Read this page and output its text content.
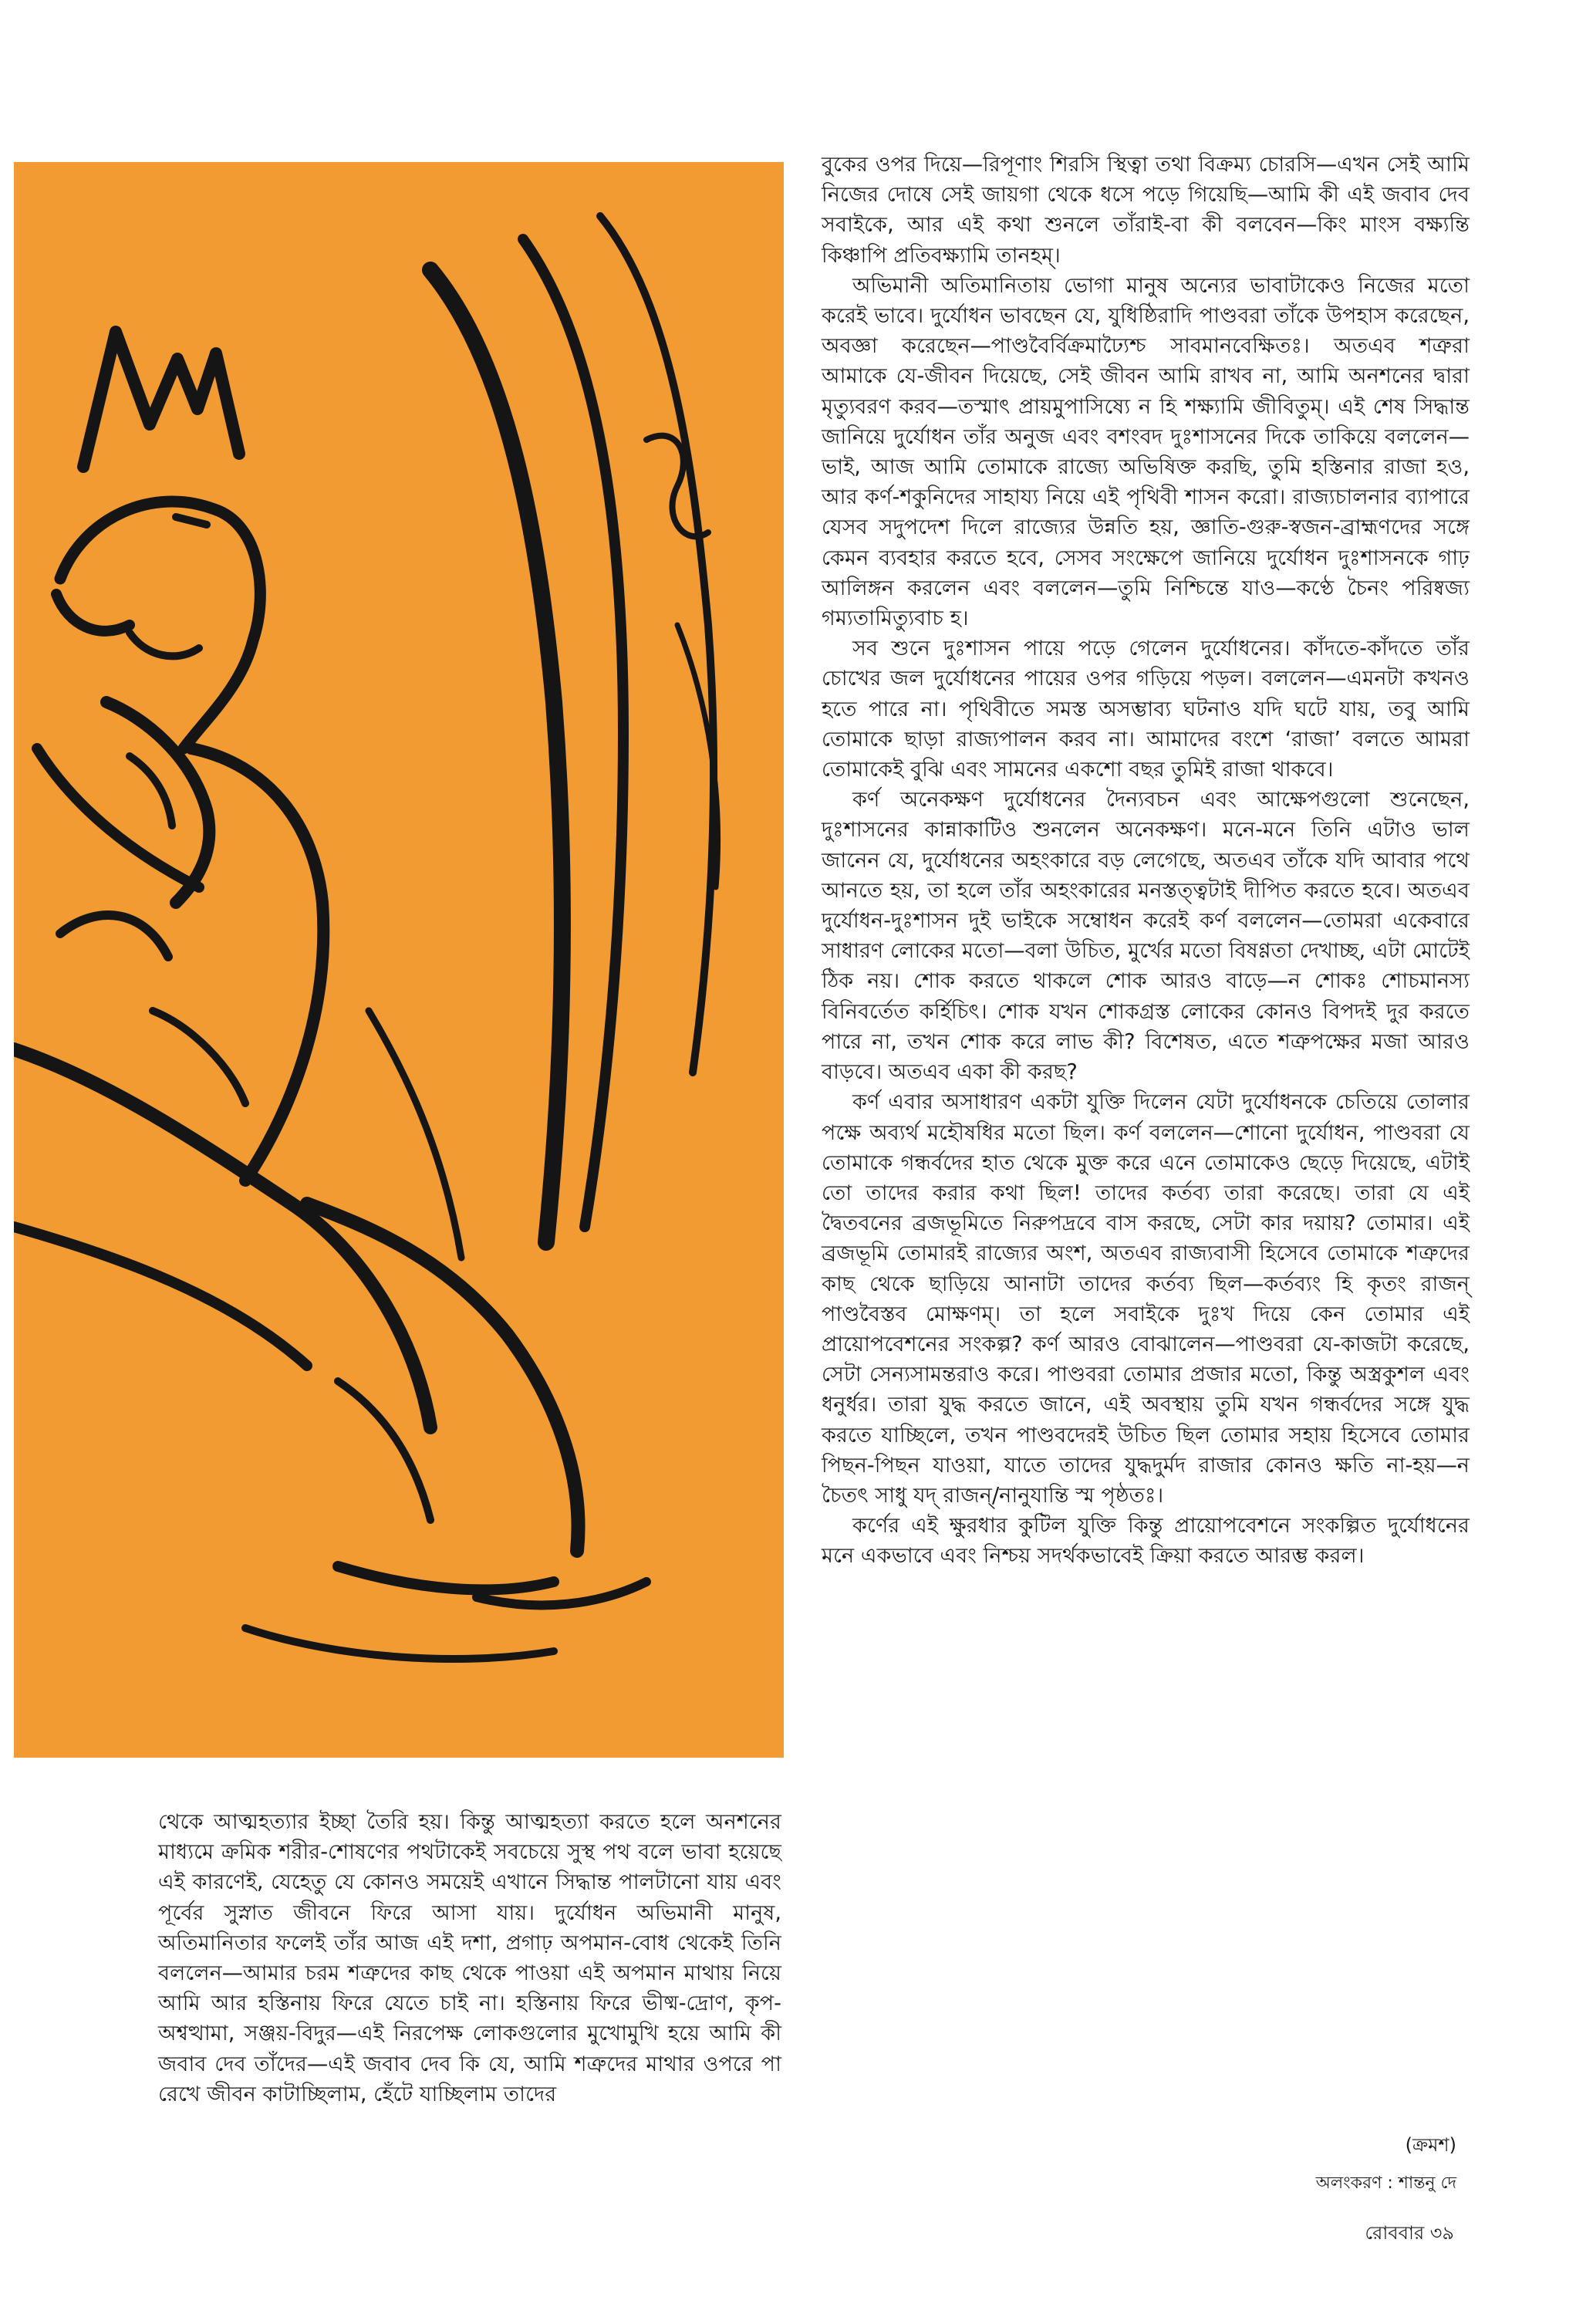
বুকের ওপর দিয়ে—রিপূণাং শিরসি স্থিত্বা তথা বিক্রম্য চোরসি—এখন সেই আমি নিজের দোষে সেই জায়গা থেকে ধসে পড়ে গিয়েছি—আমি কী এই জবাব দেব সবাইকে, আর এই কথা শুনলে তাঁরাই-বা কী বলবেন—কিং মাংস বক্ষ্যন্তি কিঞ্চাপি প্রতিবক্ষ্যামি তানহম্।

অভিমানী অতিমানিতায় ভোগা মানুষ অন্যের ভাবাটাকেও নিজের মতো করেই ভাবে। দুর্যোধন ভাবছেন যে, যুধিষ্ঠিরাদি পাণ্ডবরা তাঁকে উপহাস করেছেন, অবজ্ঞা করেছেন—পাণ্ডবৈর্বিক্রমাঢ্যৈশ্চ সাবমানবেক্ষিতঃ। অতএব শত্রুরা আমাকে যে-জীবন দিয়েছে, সেই জীবন আমি রাখব না, আমি অনশনের দ্বারা মৃত্যুবরণ করব—তস্মাৎ প্রায়মুপাসিষ্যে ন হি শক্ষ্যামি জীবিতুম্। এই শেষ সিদ্ধান্ত জানিয়ে দুর্যোধন তাঁর অনুজ এবং বশংবদ দুঃশাসনের দিকে তাকিয়ে বললেন—ভাই, আজ আমি তোমাকে রাজ্যে অভিষিক্ত করছি, তুমি হস্তিনার রাজা হও, আর কর্ণ-শকুনিদের সাহায্য নিয়ে এই পৃথিবী শাসন করো। রাজ্যচালনার ব্যাপারে যেসব সদুপদেশ দিলে রাজ্যের উন্নতি হয়, জ্ঞাতি-গুরু-স্বজন-ব্রাহ্মণদের সঙ্গে কেমন ব্যবহার করতে হবে, সেসব সংক্ষেপে জানিয়ে দুর্যোধন দুঃশাসনকে গাঢ় আলিঙ্গন করলেন এবং বললেন—তুমি নিশ্চিন্তে যাও—কণ্ঠে চৈনং পরিষ্বজ্য গম্যতামিত্যুবাচ হ।

সব শুনে দুঃশাসন পায়ে পড়ে গেলেন দুর্যোধনের। কাঁদতে-কাঁদতে তাঁর চোখের জল দুর্যোধনের পায়ের ওপর গড়িয়ে পড়ল। বললেন—এমনটা কখনও হতে পারে না। পৃথিবীতে সমস্ত অসম্ভাব্য ঘটনাও যদি ঘটে যায়, তবু আমি তোমাকে ছাড়া রাজ্যপালন করব না। আমাদের বংশে ‘রাজা’ বলতে আমরা তোমাকেই বুঝি এবং সামনের একশো বছর তুমিই রাজা থাকবে।

কর্ণ অনেকক্ষণ দুর্যোধনের দৈন্যবচন এবং আক্ষেপগুলো শুনেছেন, দুঃশাসনের কান্নাকাটিও শুনলেন অনেকক্ষণ। মনে-মনে তিনি এটাও ভাল জানেন যে, দুর্যোধনের অহংকারে বড় লেগেছে, অতএব তাঁকে যদি আবার পথে আনতে হয়, তা হলে তাঁর অহংকারের মনস্তত্ত্বটাই দীপিত করতে হবে। অতএব দুর্যোধন-দুঃশাসন দুই ভাইকে সম্বোধন করেই কর্ণ বললেন—তোমরা একেবারে সাধারণ লোকের মতো—বলা উচিত, মুর্খের মতো বিষণ্ণতা দেখাচ্ছ, এটা মোটেই ঠিক নয়। শোক করতে থাকলে শোক আরও বাড়ে—ন শোকঃ শোচমানস্য বিনিবর্তেত কর্হিচিৎ। শোক যখন শোকগ্রস্ত লোকের কোনও বিপদই দুর করতে পারে না, তখন শোক করে লাভ কী? বিশেষত, এতে শত্রুপক্ষের মজা আরও বাড়বে। অতএব একা কী করছ?

কর্ণ এবার অসাধারণ একটা যুক্তি দিলেন যেটা দুর্যোধনকে চেতিয়ে তোলার পক্ষে অব্যর্থ মহৌষধির মতো ছিল। কর্ণ বললেন—শোনো দুর্যোধন, পাণ্ডবরা যে তোমাকে গন্ধর্বদের হাত থেকে মুক্ত করে এনে তোমাকেও ছেড়ে দিয়েছে, এটাই তো তাদের করার কথা ছিল! তাদের কর্তব্য তারা করেছে। তারা যে এই দ্বৈতবনের ব্রজভূমিতে নিরুপদ্রবে বাস করছে, সেটা কার দয়ায়? তোমার। এই ব্রজভূমি তোমারই রাজ্যের অংশ, অতএব রাজ্যবাসী হিসেবে তোমাকে শত্রুদের কাছ থেকে ছাড়িয়ে আনাটা তাদের কর্তব্য ছিল—কর্তব্যং হি কৃতং রাজন্ পাণ্ডবৈস্তব মোক্ষণম্। তা হলে সবাইকে দুঃখ দিয়ে কেন তোমার এই প্রায়োপবেশনের সংকল্প? কর্ণ আরও বোঝালেন—পাণ্ডবরা যে-কাজটা করেছে, সেটা সেন্যসামন্তরাও করে। পাণ্ডবরা তোমার প্রজার মতো, কিন্তু অস্ত্রকুশল এবং ধনুর্ধর। তারা যুদ্ধ করতে জানে, এই অবস্থায় তুমি যখন গন্ধর্বদের সঙ্গে যুদ্ধ করতে যাচ্ছিলে, তখন পাণ্ডবদেরই উচিত ছিল তোমার সহায় হিসেবে তোমার পিছন-পিছন যাওয়া, যাতে তাদের যুদ্ধদুর্মদ রাজার কোনও ক্ষতি না-হয়—ন চৈতৎ সাধু যদ্ রাজন্/নানুযান্তি স্ম পৃষ্ঠতঃ।

কর্ণের এই ক্ষুরধার কুটিল যুক্তি কিন্তু প্রায়োপবেশনে সংকল্পিত দুর্যোধনের মনে একভাবে এবং নিশ্চয় সদর্থকভাবেই ক্রিয়া করতে আরম্ভ করল।

থেকে আত্মহত্যার ইচ্ছা তৈরি হয়। কিন্তু আত্মহত্যা করতে হলে অনশনের মাধ্যমে ক্রমিক শরীর-শোষণের পথটাকেই সবচেয়ে সুস্থ পথ বলে ভাবা হয়েছে এই কারণেই, যেহেতু যে কোনও সময়েই এখানে সিদ্ধান্ত পালটানো যায় এবং পূর্বের সুস্নাত জীবনে ফিরে আসা যায়। দুর্যোধন অভিমানী মানুষ, অতিমানিতার ফলেই তাঁর আজ এই দশা, প্রগাঢ় অপমান-বোধ থেকেই তিনি বললেন—আমার চরম শত্রুদের কাছ থেকে পাওয়া এই অপমান মাথায় নিয়ে আমি আর হস্তিনায় ফিরে যেতে চাই না। হস্তিনায় ফিরে ভীষ্ম-দ্রোণ, কৃপ-অশ্বত্থামা, সঞ্জয়-বিদুর—এই নিরপেক্ষ লোকগুলোর মুখোমুখি হয়ে আমি কী জবাব দেব তাঁদের—এই জবাব দেব কি যে, আমি শত্রুদের মাথার ওপরে পা রেখে জীবন কাটাচ্ছিলাম, হেঁটে যাচ্ছিলাম তাদের

(ক্রমশ)
অলংকরণ : শান্তনু দে
রোববার ৩৯
